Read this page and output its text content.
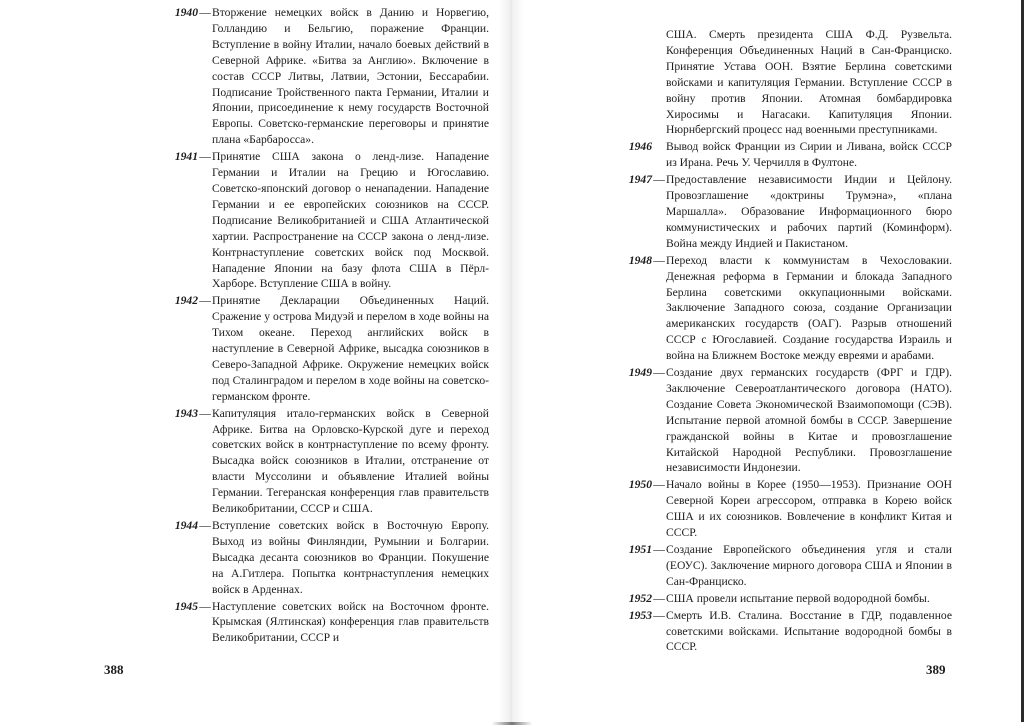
1940 — Вторжение немецких войск в Данию и Норвегию, Голландию и Бельгию, поражение Франции. Вступление в войну Италии, начало боевых действий в Северной Африке. «Битва за Англию». Включение в состав СССР Литвы, Латвии, Эстонии, Бессарабии. Подписание Тройственного пакта Германии, Италии и Японии, присоединение к нему государств Восточной Европы. Советско-германские переговоры и принятие плана «Барбаросса».
1941 — Принятие США закона о ленд-лизе. Нападение Германии и Италии на Грецию и Югославию. Советско-японский договор о ненападении. Нападение Германии и ее европейских союзников на СССР. Подписание Великобританией и США Атлантической хартии. Распространение на СССР закона о ленд-лизе. Контрнаступление советских войск под Москвой. Нападение Японии на базу флота США в Пёрл-Харборе. Вступление США в войну.
1942 — Принятие Декларации Объединенных Наций. Сражение у острова Мидуэй и перелом в ходе войны на Тихом океане. Переход английских войск в наступление в Северной Африке, высадка союзников в Северо-Западной Африке. Окружение немецких войск под Сталинградом и перелом в ходе войны на советско-германском фронте.
1943 — Капитуляция итало-германских войск в Северной Африке. Битва на Орловско-Курской дуге и переход советских войск в контрнаступление по всему фронту. Высадка войск союзников в Италии, отстранение от власти Муссолини и объявление Италией войны Германии. Тегеранская конференция глав правительств Великобритании, СССР и США.
1944 — Вступление советских войск в Восточную Европу. Выход из войны Финляндии, Румынии и Болгарии. Высадка десанта союзников во Франции. Покушение на А.Гитлера. Попытка контрнаступления немецких войск в Арденнах.
1945 — Наступление советских войск на Восточном фронте. Крымская (Ялтинская) конференция глав правительств Великобритании, СССР и
388
США. Смерть президента США Ф.Д. Рузвельта. Конференция Объединенных Наций в Сан-Франциско. Принятие Устава ООН. Взятие Берлина советскими войсками и капитуляция Германии. Вступление СССР в войну против Японии. Атомная бомбардировка Хиросимы и Нагасаки. Капитуляция Японии. Нюрнбергский процесс над военными преступниками.
1946 Вывод войск Франции из Сирии и Ливана, войск СССР из Ирана. Речь У. Черчилля в Фултоне.
1947 — Предоставление независимости Индии и Цейлону. Провозглашение «доктрины Трумэна», «плана Маршалла». Образование Информационного бюро коммунистических и рабочих партий (Коминформ). Война между Индией и Пакистаном.
1948 — Переход власти к коммунистам в Чехословакии. Денежная реформа в Германии и блокада Западного Берлина советскими оккупационными войсками. Заключение Западного союза, создание Организации американских государств (ОАГ). Разрыв отношений СССР с Югославией. Создание государства Израиль и война на Ближнем Востоке между евреями и арабами.
1949 — Создание двух германских государств (ФРГ и ГДР). Заключение Североатлантического договора (НАТО). Создание Совета Экономической Взаимопомощи (СЭВ). Испытание первой атомной бомбы в СССР. Завершение гражданской войны в Китае и провозглашение Китайской Народной Республики. Провозглашение независимости Индонезии.
1950 — Начало войны в Корее (1950—1953). Признание ООН Северной Кореи агрессором, отправка в Корею войск США и их союзников. Вовлечение в конфликт Китая и СССР.
1951 — Создание Европейского объединения угля и стали (ЕОУС). Заключение мирного договора США и Японии в Сан-Франциско.
1952 — США провели испытание первой водородной бомбы.
1953 — Смерть И.В. Сталина. Восстание в ГДР, подавленное советскими войсками. Испытание водородной бомбы в СССР.
389
